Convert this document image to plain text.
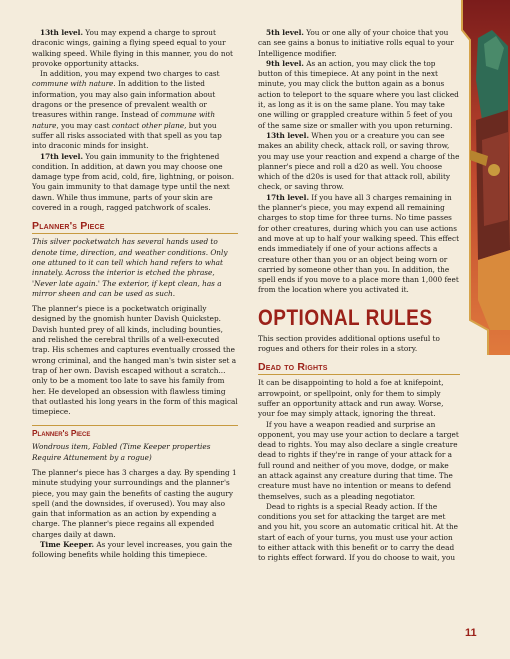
13th level. You may expend a charge to sprout draconic wings, gaining a flying speed equal to your walking speed. While flying in this manner, you do not provoke opportunity attacks.

In addition, you may expend two charges to cast commune with nature. In addition to the listed information, you may also gain information about dragons or the presence of prevalent wealth or treasures within range. Instead of commune with nature, you may cast contact other plane, but you suffer all risks associated with that spell as you tap into draconic minds for insight.

17th level. You gain immunity to the frightened condition. In addition, at dawn you may choose one damage type from acid, cold, fire, lightning, or poison. You gain immunity to that damage type until the next dawn. While thus immune, parts of your skin are covered in a rough, ragged patchwork of scales.

Planner's Piece

This silver pocketwatch has several hands used to denote time, direction, and weather conditions. Only one attuned to it can tell which hand refers to what innately. Across the interior is etched the phrase, 'Never late again.' The exterior, if kept clean, has a mirror sheen and can be used as such.

The planner's piece is a pocketwatch originally designed by the gnomish hunter Davish Quickstep. Davish hunted prey of all kinds, including bounties, and relished the cerebral thrills of a well-executed trap. His schemes and captures eventually crossed the wrong criminal, and the hanged man's twin sister set a trap of her own. Davish escaped without a scratch... only to be a moment too late to save his family from her. He developed an obsession with flawless timing that outlasted his long years in the form of this magical timepiece.

Planner's Piece

Wondrous item, Fabled (Time Keeper properties Require Attunement by a rogue)

The planner's piece has 3 charges a day. By spending 1 minute studying your surroundings and the planner's piece, you may gain the benefits of casting the augury spell (and the downsides, if overused). You may also gain that information as an action by expending a charge. The planner's piece regains all expended charges daily at dawn.

Time Keeper. As your level increases, you gain the following benefits while holding this timepiece.

5th level. You or one ally of your choice that you can see gains a bonus to initiative rolls equal to your Intelligence modifier.

9th level. As an action, you may click the top button of this timepiece. At any point in the next minute, you may click the button again as a bonus action to teleport to the square where you last clicked it, as long as it is on the same plane. You may take one willing or grappled creature within 5 feet of you of the same size or smaller with you upon returning.

13th level. When you or a creature you can see makes an ability check, attack roll, or saving throw, you may use your reaction and expend a charge of the planner's piece and roll a d20 as well. You choose which of the d20s is used for that attack roll, ability check, or saving throw.

17th level. If you have all 3 charges remaining in the planner's piece, you may expend all remaining charges to stop time for three turns. No time passes for other creatures, during which you can use actions and move at up to half your walking speed. This effect ends immediately if one of your actions affects a creature other than you or an object being worn or carried by someone other than you. In addition, the spell ends if you move to a place more than 1,000 feet from the location where you activated it.

OPTIONAL RULES

This section provides additional options useful to rogues and others for their roles in a story.

Dead to Rights

It can be disappointing to hold a foe at knifepoint, arrowpoint, or spellpoint, only for them to simply suffer an opportunity attack and run away. Worse, your foe may simply attack, ignoring the threat.

If you have a weapon readied and surprise an opponent, you may use your action to declare a target dead to rights. You may also declare a single creature dead to rights if they're in range of your attack for a full round and neither of you move, dodge, or make an attack against any creature during that time. The creature must have no intention or means to defend themselves, such as a pleading negotiator.

Dead to rights is a special Ready action. If the conditions you set for attacking the target are met and you hit, you score an automatic critical hit. At the start of each of your turns, you must use your action to either attack with this benefit or to carry the dead to rights effect forward. If you do choose to wait, you

11
